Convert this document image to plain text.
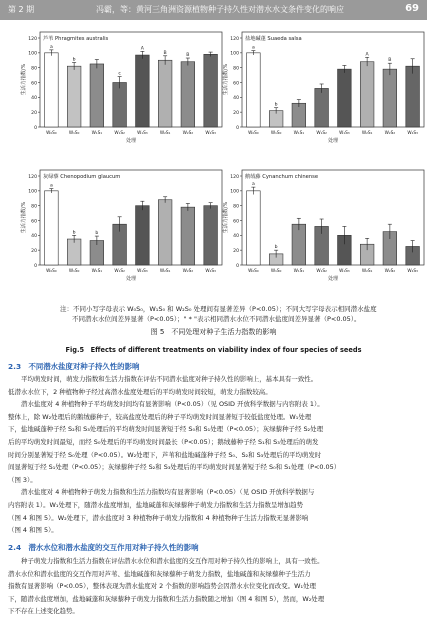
第 2 期	冯霸，等：黄河三角洲资源植物种子持久性对潜水水文条件变化的响应	69
芦苇 Phragmites australis
生活力指数/%
0
20
40
60
80
100
120
a
W₀S₀
b
W₁S₀	W₁S₁
c
W₁S₂
A
W₁S₃
B
W₂S₁
B
W₂S₂	W₂S₃
处理
盐地碱蓬 Suaeda salsa
生活力指数/%
0
20
40
60
80
100
120
a
W₀S₀
b
W₁S₀	W₁S₁	W₁S₂	W₁S₃
A
W₂S₁
B
W₂S₂	W₂S₃
处理
灰绿藜 Chenopodium glaucum
生活力指数/%
0
20
40
60
80
100
120
a
W₀S₀
b
W₁S₀
b
W₁S₁	W₁S₂	W₁S₃	W₂S₁	W₂S₂	W₂S₃
处理
鹅绒藤 Cynanchum chinense
生活力指数/%
0
20
40
60
80
100
120
a
W₀S₀
b
W₁S₀	W₁S₁	W₁S₂	W₁S₃	W₂S₁	W₂S₂	W₂S₃
处理
注：不同小写字母表示 W₀S₀，W₁S₀ 和 W₂S₀ 处理间有显著差异（P<0.05）；不同大写字母表示相同潜水盐度
不同潜水水位间差异显著（P<0.05）；" * "表示相同潜水水位不同潜水盐度间差异显著（P<0.05）。
图 5　不同处理对种子生活力指数的影响
Fig.5　Effects of different treatments on viability index of four species of seeds
2.3　不同潜水盐度对种子持久性的影响
平均萌发时间，萌发力指数和生活力指数在评估不同潜水盐度对种子持久性的影响上，基本具有一致性。
低潜水水位下，2 种植物种子经过高潜水盐度处理后的平均萌发时间较短，萌发力指数较高。
潜水盐度对 4 种植物种子平均萌发时间均有显著影响（P<0.05）（见 OSID 开放科学数据与内容附表 1）。
整体上，除 W₂处理后的鹅绒藤种子，较高盐度处理后的种子平均萌发时间显著短于较低盐度处理。W₁处理
下，盐地碱蓬种子经 S₂和 S₃处理后的平均萌发时间显著短于经 S₀和 S₁处理（P<0.05）；灰绿藜种子经 S₂处理
后的平均萌发时间最短，而经 S₀处理后的平均萌发时间最长（P<0.05）；鹅绒藤种子经 S₁和 S₃处理后的萌发
时间分别显著短于经 S₀处理（P<0.05）。W₂处理下，芦苇和盐地碱蓬种子经 S₀、S₂和 S₃处理后的平均萌发时
间显著短于经 S₁处理（P<0.05）；灰绿藜种子经 S₂和 S₃处理后的平均萌发时间显著短于经 S₀和 S₁处理（P<0.05）
（图 3）。
潜水盐度对 4 种植物种子萌发力指数和生活力指数均有显著影响（P<0.05）（见 OSID 开放科学数据与
内容附表 1）。W₁处理下，随潜水盐度增加，盐地碱蓬和灰绿藜种子萌发力指数和生活力指数呈增加趋势
（图 4 和图 5）。W₂处理下，潜水盐度对 3 种植物种子萌发力指数和 4 种植物种子生活力指数无显著影响
（图 4 和图 5）。
2.4　潜水水位和潜水盐度的交互作用对种子持久性的影响
种子萌发力指数和生活力指数在评估潜水水位和潜水盐度的交互作用对种子持久性的影响上，具有一致性。
潜水水位和潜水盐度的交互作用对芦苇、盐地碱蓬和灰绿藜种子萌发力指数，盐地碱蓬和灰绿藜种子生活力
指数有显著影响（P<0.05），整体表现为潜水盐度对 2 个指数的影响趋势会因潜水水位变化而改变。W₁处理
下，随潜水盐度增加，盐地碱蓬和灰绿藜种子萌发力指数和生活力指数随之增加（图 4 和图 5），然而，W₂处理
下不存在上述变化趋势。
